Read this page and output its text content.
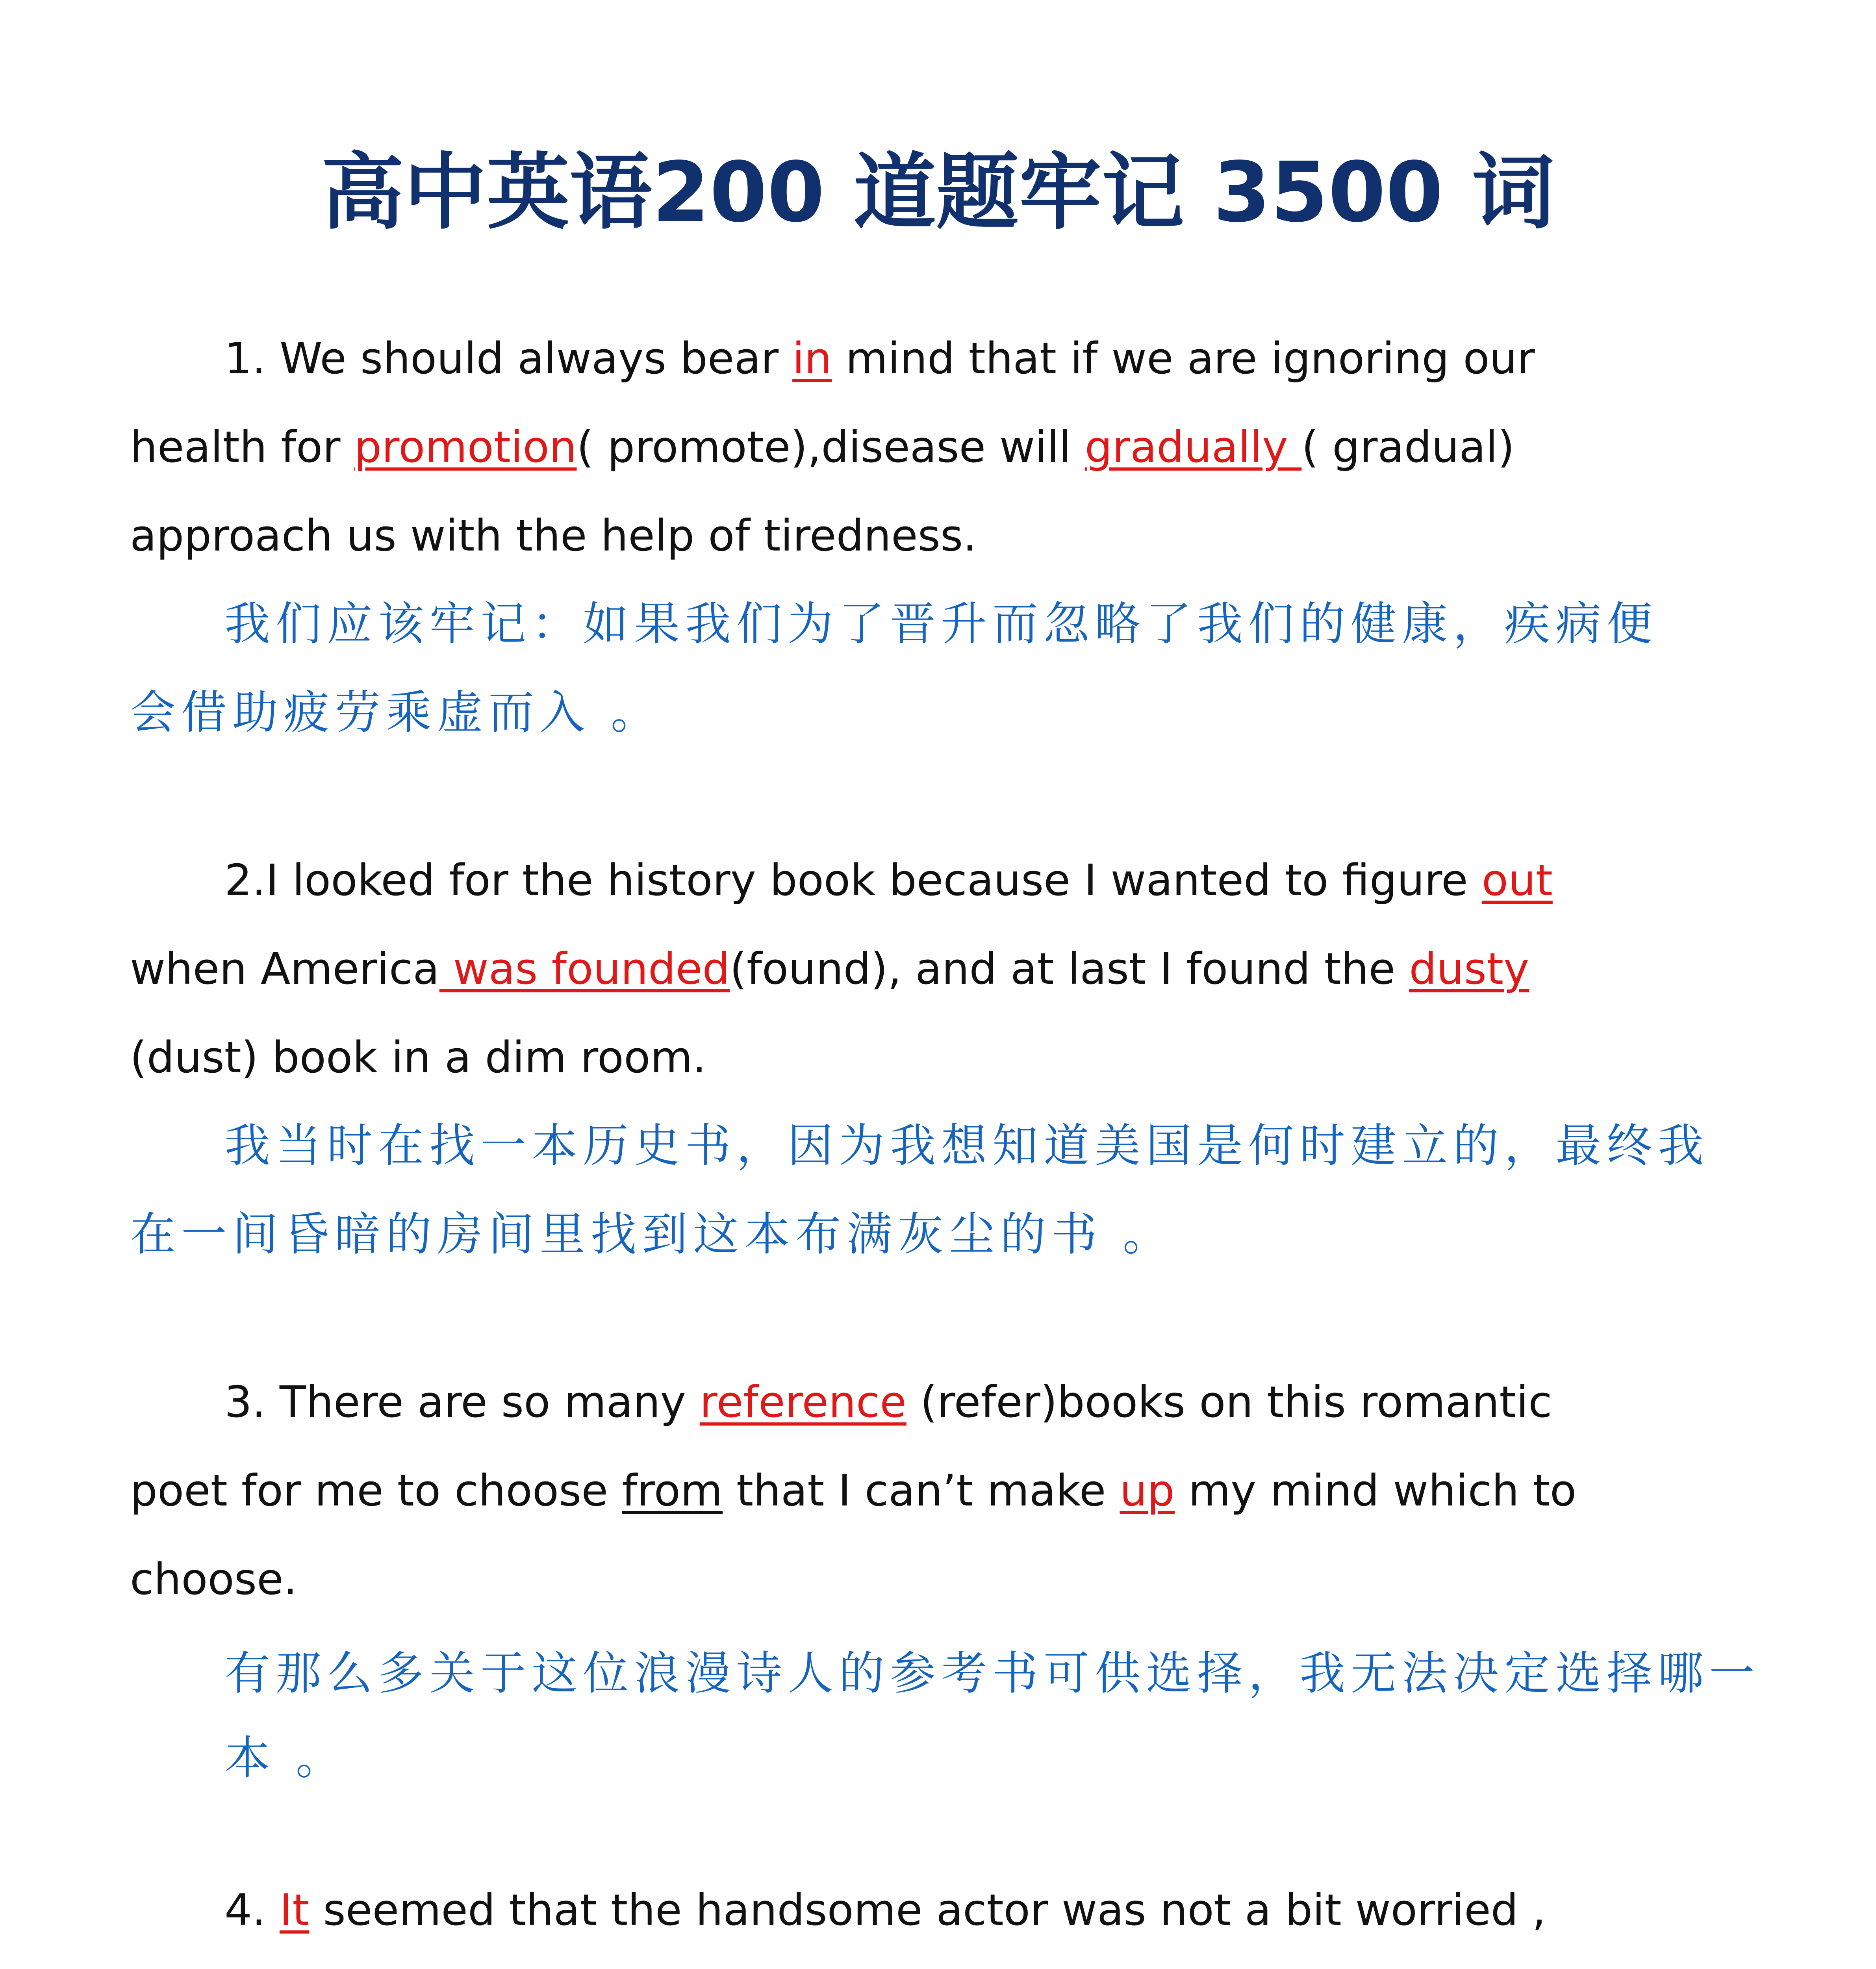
高中英语200 道题牢记 3500 词
1. We should always bear in mind that if we are ignoring our
health for promotion( promote),disease will gradually ( gradual)
approach us with the help of tiredness.
我们应该牢记：如果我们为了晋升而忽略了我们的健康，疾病便
会借助疲劳乘虚而入 。
2.I looked for the history book because I wanted to figure out
when America was founded(found), and at last I found the dusty
(dust) book in a dim room.
我当时在找一本历史书，因为我想知道美国是何时建立的，最终我
在一间昏暗的房间里找到这本布满灰尘的书 。
3. There are so many reference (refer)books on this romantic
poet for me to choose from that I can’t make up my mind which to
choose.
有那么多关于这位浪漫诗人的参考书可供选择，我无法决定选择哪一
本 。
4. It seemed that the handsome actor was not a bit worried ,
